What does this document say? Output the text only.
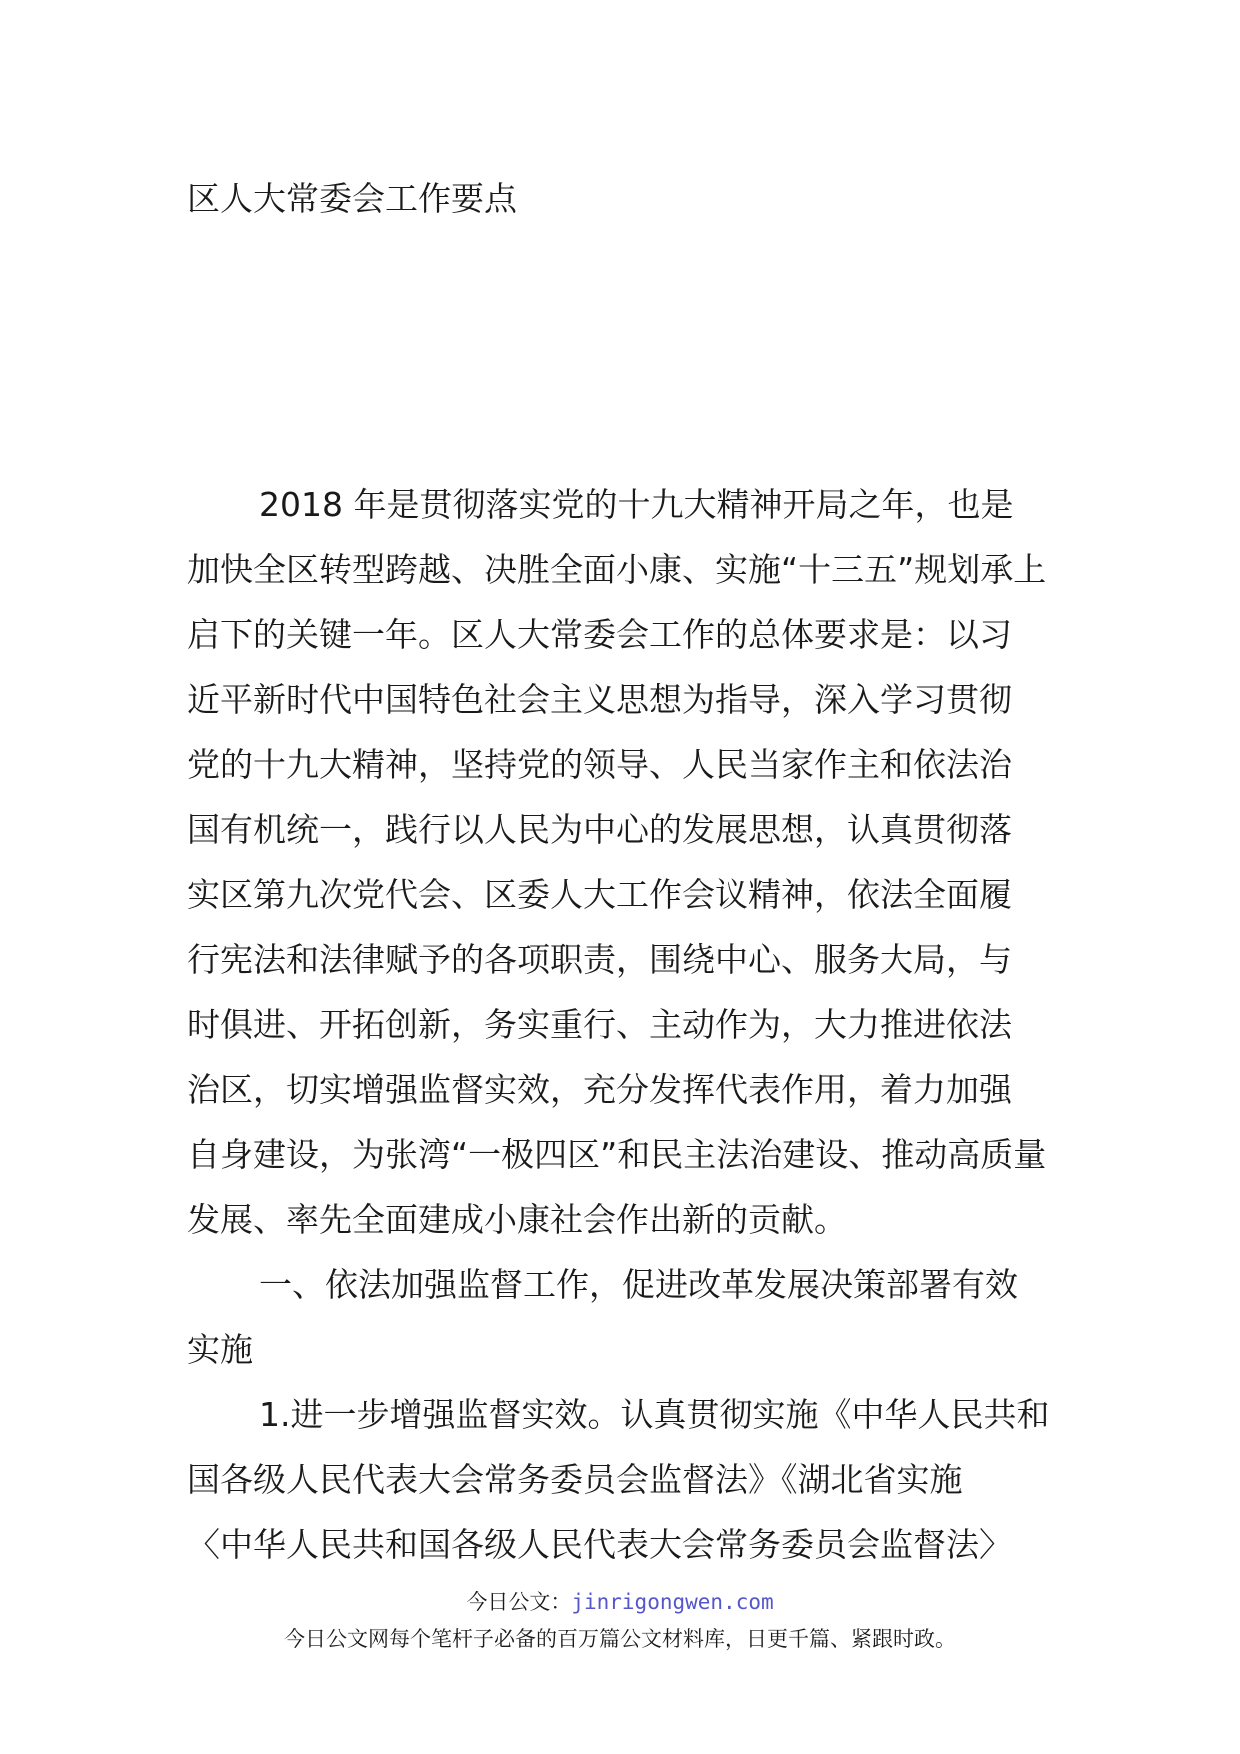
区人大常委会工作要点
2018 年是贯彻落实党的十九大精神开局之年，也是
加快全区转型跨越、决胜全面小康、实施“十三五”规划承上
启下的关键一年。区人大常委会工作的总体要求是：以习
近平新时代中国特色社会主义思想为指导，深入学习贯彻
党的十九大精神，坚持党的领导、人民当家作主和依法治
国有机统一，践行以人民为中心的发展思想，认真贯彻落
实区第九次党代会、区委人大工作会议精神，依法全面履
行宪法和法律赋予的各项职责，围绕中心、服务大局，与
时俱进、开拓创新，务实重行、主动作为，大力推进依法
治区，切实增强监督实效，充分发挥代表作用，着力加强
自身建设，为张湾“一极四区”和民主法治建设、推动高质量
发展、率先全面建成小康社会作出新的贡献。
一、依法加强监督工作，促进改革发展决策部署有效
实施
1.进一步增强监督实效。认真贯彻实施《中华人民共和
国各级人民代表大会常务委员会监督法》《湖北省实施
〈中华人民共和国各级人民代表大会常务委员会监督法〉
今日公文：jinrigongwen.com
今日公文网每个笔杆子必备的百万篇公文材料库，日更千篇、紧跟时政。
